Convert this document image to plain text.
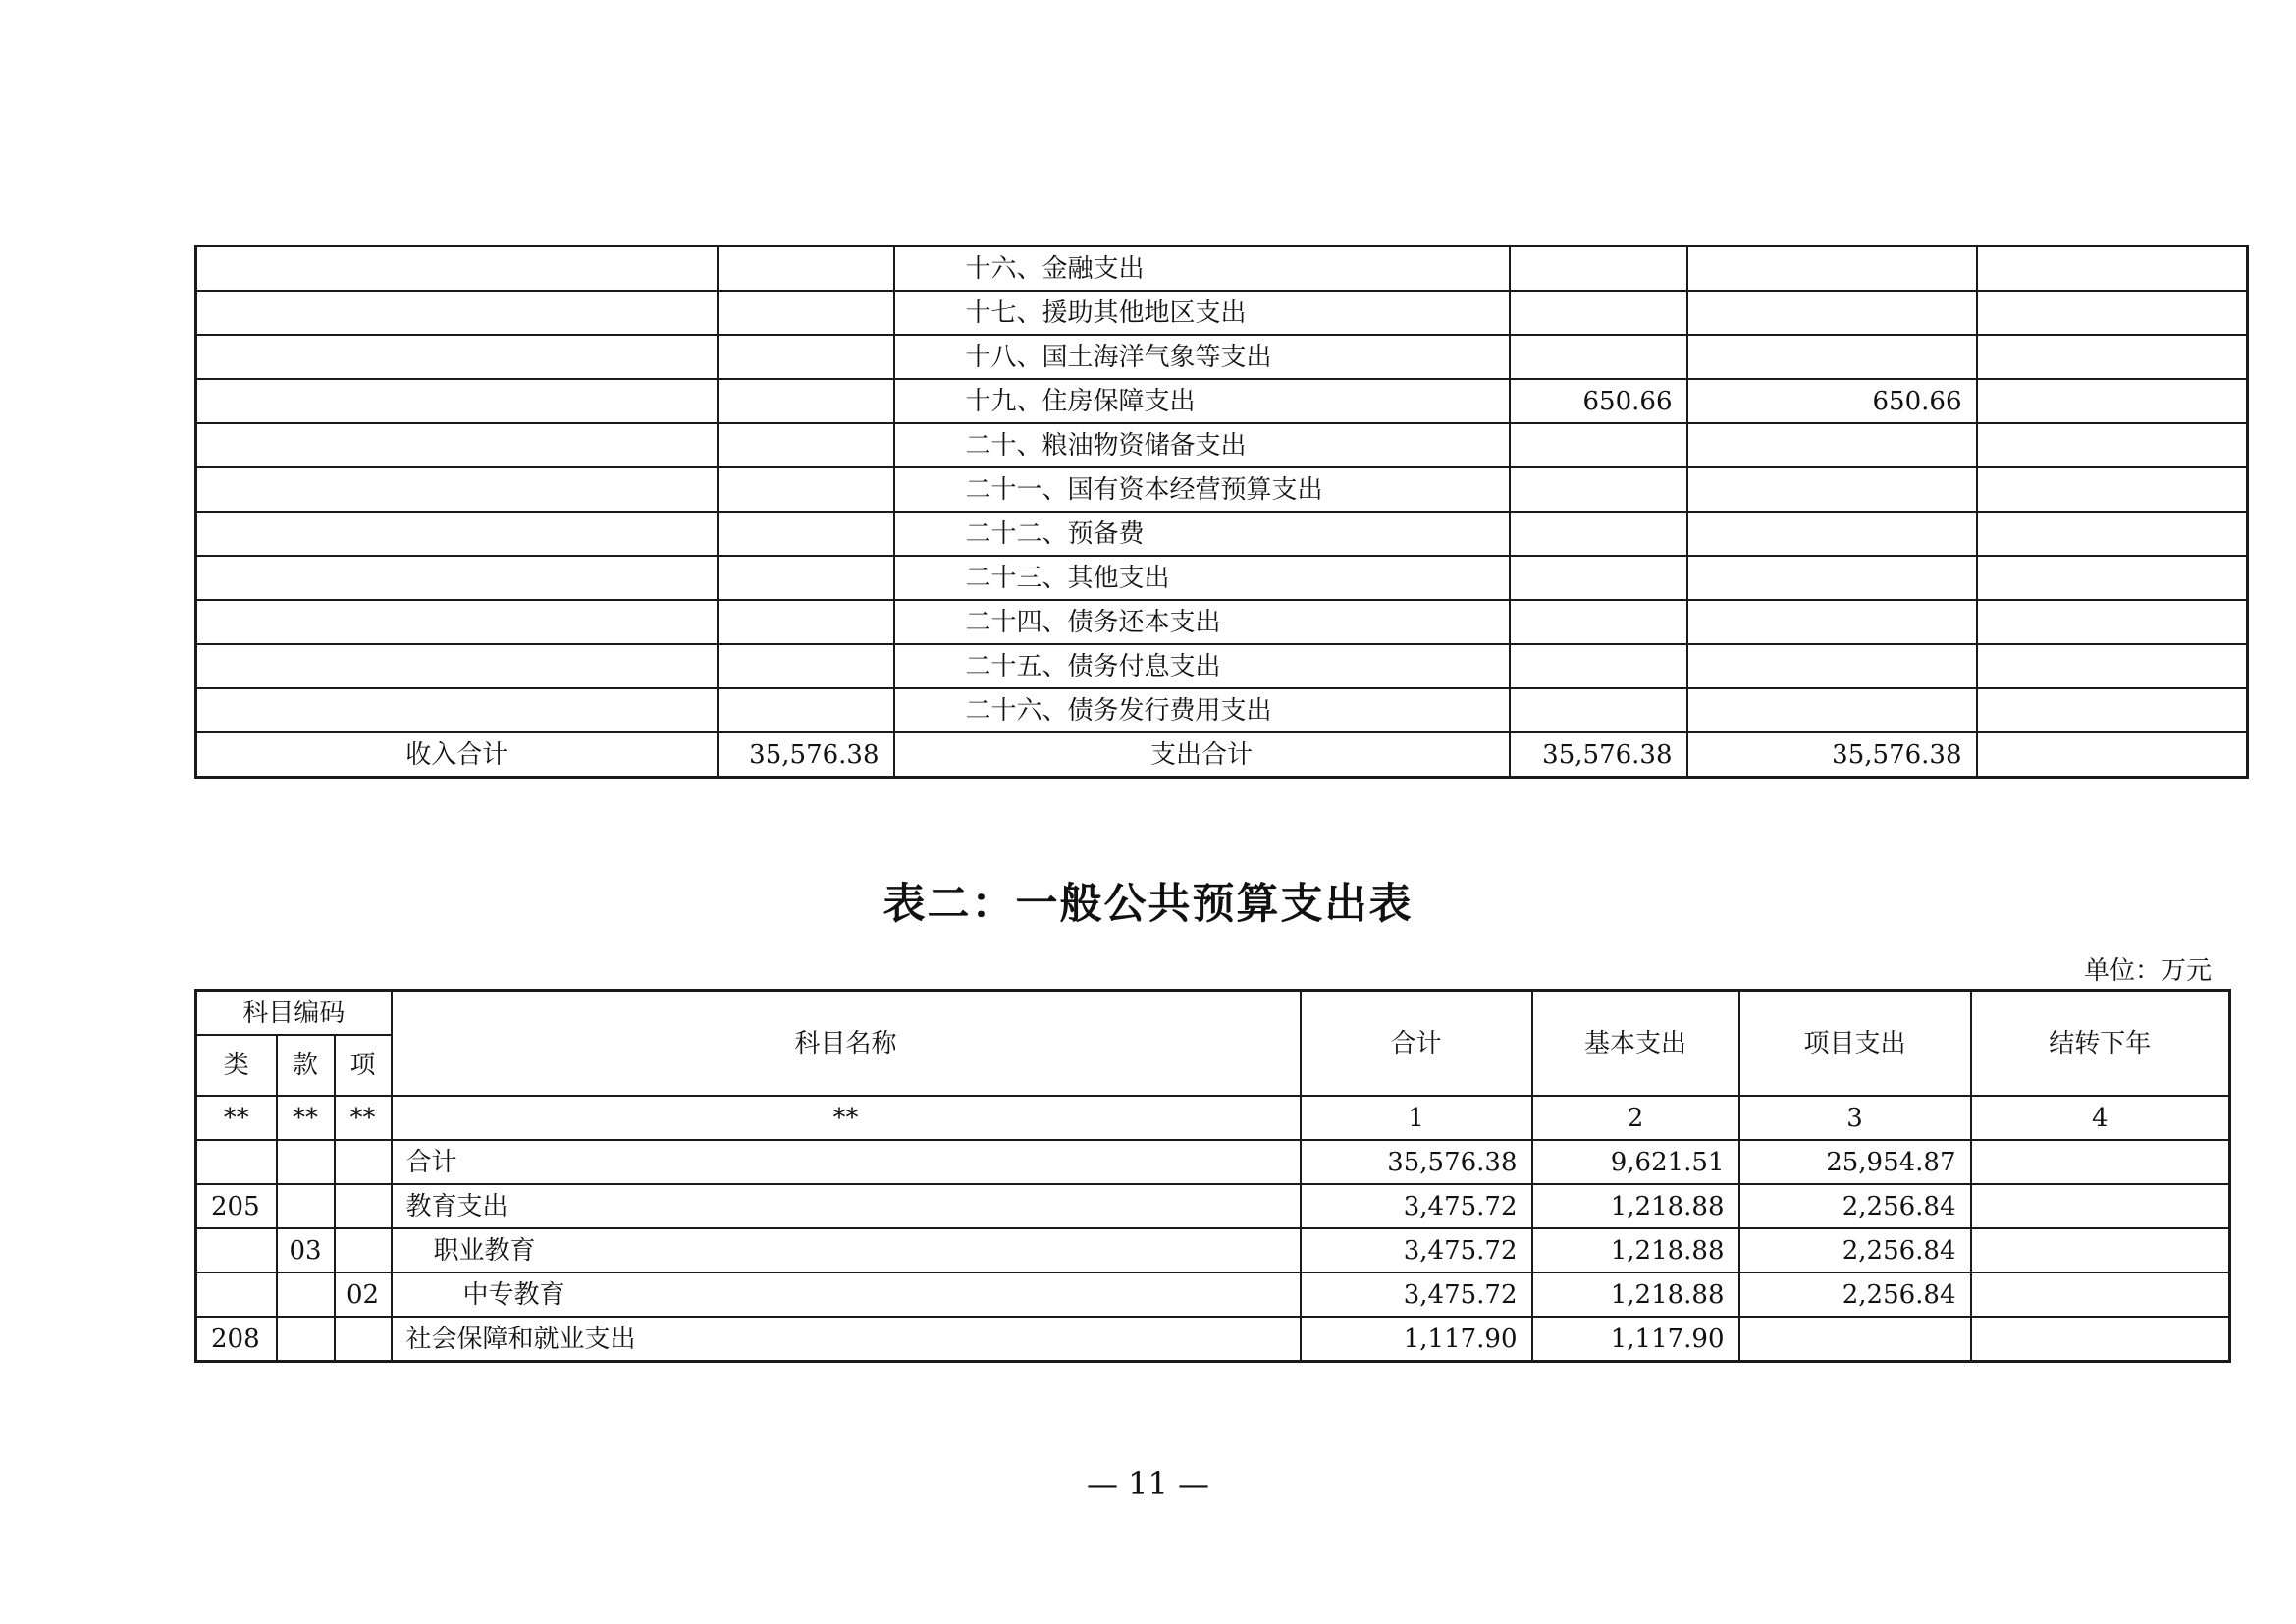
		十六、金融支出			
		十七、援助其他地区支出			
		十八、国土海洋气象等支出			
		十九、住房保障支出	650.66	650.66	
		二十、粮油物资储备支出			
		二十一、国有资本经营预算支出			
		二十二、预备费			
		二十三、其他支出			
		二十四、债务还本支出			
		二十五、债务付息支出			
		二十六、债务发行费用支出			
收入合计	35,576.38	支出合计	35,576.38	35,576.38	
表二：一般公共预算支出表
单位：万元
科目编码			科目名称	合计	基本支出	项目支出	结转下年
类	款	项					
**	**	**	**	1	2	3	4
			合计	35,576.38	9,621.51	25,954.87	
205			教育支出	3,475.72	1,218.88	2,256.84	
	03		职业教育	3,475.72	1,218.88	2,256.84	
		02	中专教育	3,475.72	1,218.88	2,256.84	
208			社会保障和就业支出	1,117.90	1,117.90		
— 11 —
